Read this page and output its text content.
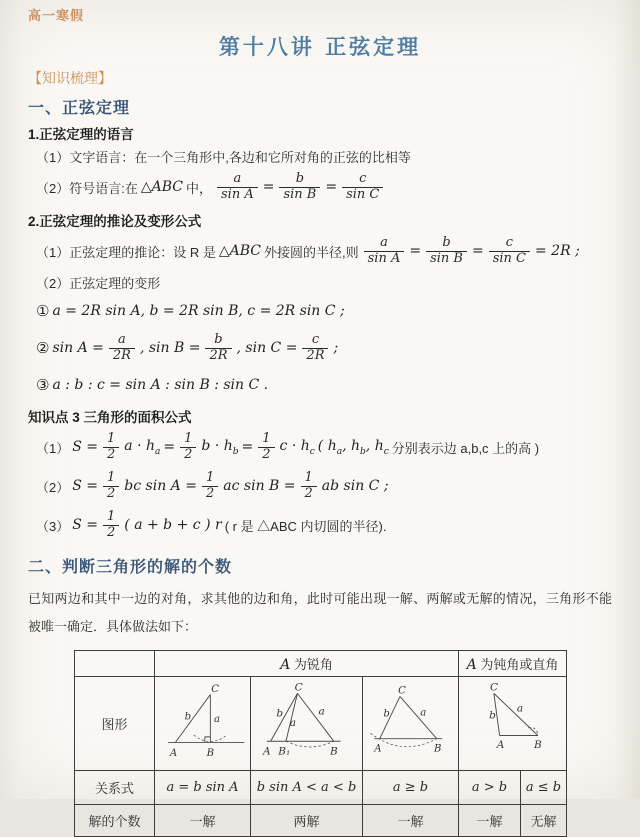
高一寒假
第十八讲 正弦定理
【知识梳理】
一、正弦定理
1.正弦定理的语言
（1）文字语言：在一个三角形中,各边和它所对角的正弦的比相等
（2）符号语言:在 △ABC 中， $\frac{a}{\text{sin A}} = \frac{b}{\text{sin B}} = \frac{c}{\text{sin C}}$
2.正弦定理的推论及变形公式
（1）正弦定理的推论：设 R 是 △ABC 外接圆的半径,则 $\frac{a}{\text{sin A}} = \frac{b}{\text{sin B}} = \frac{c}{\text{sin C}} = 2R$ ;
（2）正弦定理的变形
① a = 2R sin A, b = 2R sin B, c = 2R sin C ;
② $\sin A = \frac{a}{2R}$ , $\sin B = \frac{b}{2R}$ , $\sin C = \frac{c}{2R}$ ;
③ a : b : c = sin A : sin B : sin C .
知识点 3 三角形的面积公式
（1） $S = \frac{1}{2}$ $a \cdot h_a = \frac{1}{2}$ $b \cdot h_b = \frac{1}{2}$ $c \cdot h_c$ ( $h_a$, $h_b$, $h_c$ 分别表示边 a,b,c 上的高 )
（2） $S = \frac{1}{2}$ bc $\sin A = \frac{1}{2}$ ac $\sin B = \frac{1}{2}$ ab sin C ;
（3） $S = \frac{1}{2}$ ( a + b + c ) r ( r 是 △ABC 内切圆的半径).
二、判断三角形的解的个数
已知两边和其中一边的对角，求其他的边和角，此时可能出现一解、两解或无解的情况，三角形不能被唯一确定．具体做法如下：
	A 为锐角			A 为钝角或直角	
图形	
C
b a
A	B

C
b
a
a
A B₁	B

C
b	a
A	B

C
b
a
A	B

关系式	a = b sin A	b sin A < a < b	a ≥ b	a > b	a ≤ b
解的个数	一解	两解	一解	一解	无解
